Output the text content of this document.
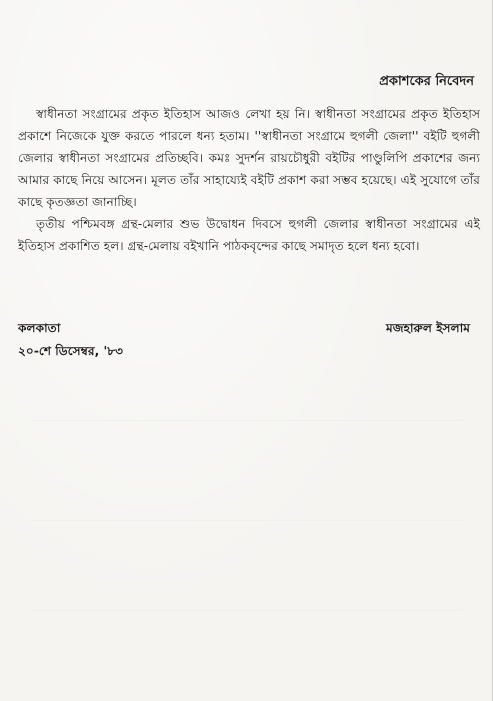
প্রকাশকের নিবেদন

স্বাধীনতা সংগ্রামের প্রকৃত ইতিহাস আজও লেখা হয় নি। স্বাধীনতা সংগ্রামের প্রকৃত ইতিহাস প্রকাশে নিজেকে যুক্ত করতে পারলে ধন্য হতাম। ''স্বাধীনতা সংগ্রামে হুগলী জেলা'' বইটি হুগলী জেলার স্বাধীনতা সংগ্রামের প্রতিচ্ছবি। কমঃ সুদর্শন রায়চৌধুরী বইটির পাণ্ডুলিপি প্রকাশের জন্য আমার কাছে নিয়ে আসেন। মূলত তাঁর সাহায্যেই বইটি প্রকাশ করা সম্ভব হয়েছে। এই সুযোগে তাঁর কাছে কৃতজ্ঞতা জানাচ্ছি।

তৃতীয় পশ্চিমবঙ্গ গ্রন্থ-মেলার শুভ উদ্বোধন দিবসে হুগলী জেলার স্বাধীনতা সংগ্রামের এই ইতিহাস প্রকাশিত হল। গ্রন্থ-মেলায় বইখানি পাঠকবৃন্দের কাছে সমাদৃত হলে ধন্য হবো।

কলকাতা
২০-শে ডিসেম্বর, '৮৩
মজহারুল ইসলাম
